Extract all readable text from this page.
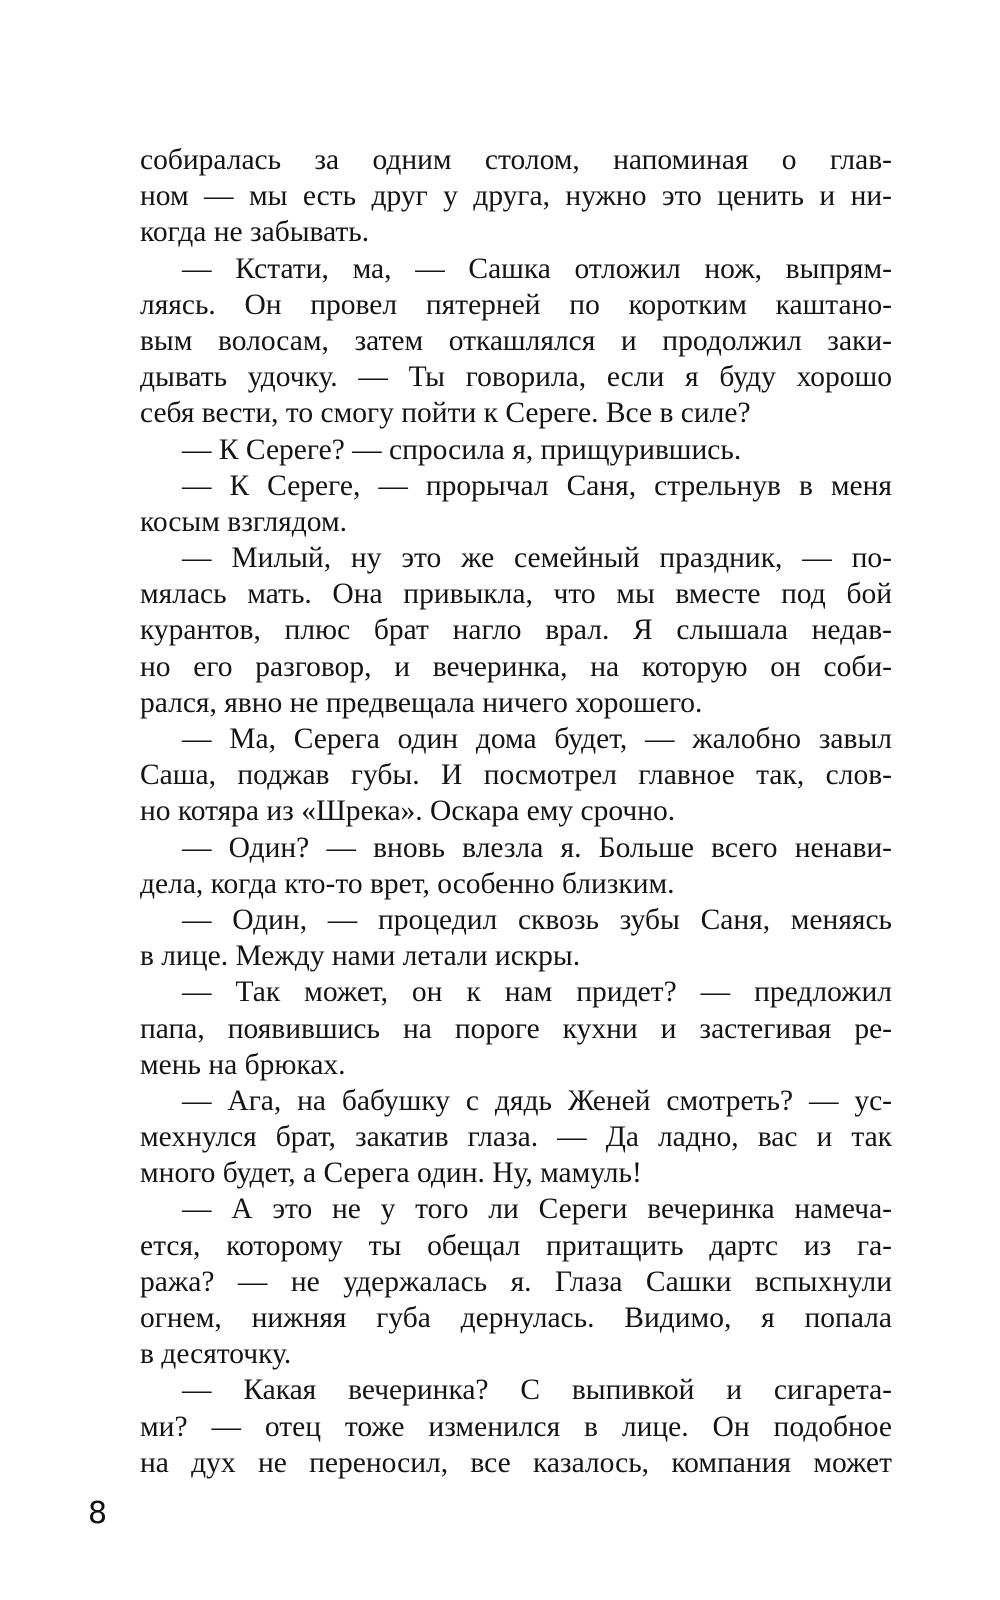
собиралась за одним столом, напоминая о глав-
ном — мы есть друг у друга, нужно это ценить и ни-
когда не забывать.
— Кстати, ма, — Сашка отложил нож, выпрям-
ляясь. Он провел пятерней по коротким каштано-
вым волосам, затем откашлялся и продолжил заки-
дывать удочку. — Ты говорила, если я буду хорошо
себя вести, то смогу пойти к Сереге. Все в силе?
— К Сереге? — спросила я, прищурившись.
— К Сереге, — прорычал Саня, стрельнув в меня
косым взглядом.
— Милый, ну это же семейный праздник, — по-
мялась мать. Она привыкла, что мы вместе под бой
курантов, плюс брат нагло врал. Я слышала недав-
но его разговор, и вечеринка, на которую он соби-
рался, явно не предвещала ничего хорошего.
— Ма, Серега один дома будет, — жалобно завыл
Саша, поджав губы. И посмотрел главное так, слов-
но котяра из «Шрека». Оскара ему срочно.
— Один? — вновь влезла я. Больше всего ненави-
дела, когда кто-то врет, особенно близким.
— Один, — процедил сквозь зубы Саня, меняясь
в лице. Между нами летали искры.
— Так может, он к нам придет? — предложил
папа, появившись на пороге кухни и застегивая ре-
мень на брюках.
— Ага, на бабушку с дядь Женей смотреть? — ус-
мехнулся брат, закатив глаза. — Да ладно, вас и так
много будет, а Серега один. Ну, мамуль!
— А это не у того ли Сереги вечеринка намеча-
ется, которому ты обещал притащить дартс из га-
ража? — не удержалась я. Глаза Сашки вспыхнули
огнем, нижняя губа дернулась. Видимо, я попала
в десяточку.
— Какая вечеринка? С выпивкой и сигарета-
ми? — отец тоже изменился в лице. Он подобное
на дух не переносил, все казалось, компания может
8
